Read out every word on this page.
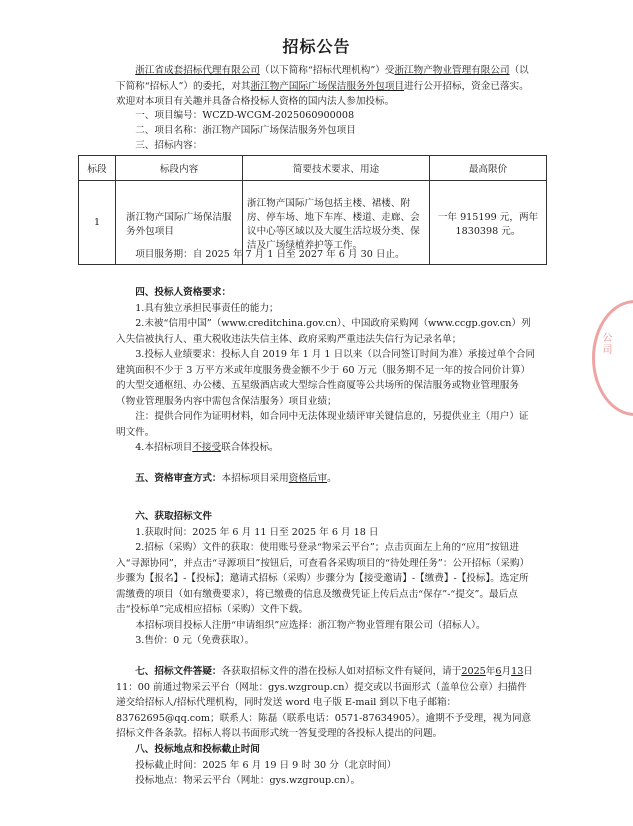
招标公告
浙江省成套招标代理有限公司（以下简称“招标代理机构”）受浙江物产物业管理有限公司（以下简称“招标人”）的委托，对其浙江物产国际广场保洁服务外包项目进行公开招标，资金已落实。欢迎对本项目有关趣并具备合格投标人资格的国内法人参加投标。
一、项目编号：WCZD-WCGM-2025060900008
二、项目名称：浙江物产国际广场保洁服务外包项目
三、招标内容：
标段	标段内容	简要技术要求、用途	最高限价
1	浙江物产国际广场保洁服务外包项目	浙江物产国际广场包括主楼、裙楼、附房、停车场、地下车库、楼道、走廊、会议中心等区域以及大厦生活垃圾分类、保洁及广场绿植养护等工作。	一年 915199 元，两年 1830398 元。
项目服务期：自 2025 年 7 月 1 日至 2027 年 6 月 30 日止。
四、投标人资格要求：
1.具有独立承担民事责任的能力；
2.未被“信用中国”（www.creditchina.gov.cn）、中国政府采购网（www.ccgp.gov.cn）列入失信被执行人、重大税收违法失信主体、政府采购严重违法失信行为记录名单；
3.投标人业绩要求：投标人自 2019 年 1 月 1 日以来（以合同签订时间为准）承接过单个合同建筑面积不少于 3 万平方米或年度服务费金额不少于 60 万元（服务期不足一年的按合同价计算）的大型交通枢纽、办公楼、五星级酒店或大型综合性商厦等公共场所的保洁服务或物业管理服务（物业管理服务内容中需包含保洁服务）项目业绩；
注：提供合同作为证明材料，如合同中无法体现业绩评审关键信息的，另提供业主（用户）证明文件。
4.本招标项目不接受联合体投标。
五、资格审查方式：本招标项目采用资格后审。
六、获取招标文件
1.获取时间：2025 年 6 月 11 日至 2025 年 6 月 18 日
2.招标（采购）文件的获取：使用账号登录“物采云平台”；点击页面左上角的“应用”按钮进入“寻源协同”，并点击“寻源项目”按钮后，可查看各采购项目的“待处理任务”：公开招标（采购）步骤为【报名】-【投标】；邀请式招标（采购）步骤分为【接受邀请】-【缴费】-【投标】。选定所需缴费的项目（如有缴费要求），将已缴费的信息及缴费凭证上传后点击“保存”-“提交”。最后点击“投标单”完成相应招标（采购）文件下载。
本招标项目投标人注册“申请组织”应选择：浙江物产物业管理有限公司（招标人）。
3.售价：0 元（免费获取）。
七、招标文件答疑：各获取招标文件的潜在投标人如对招标文件有疑问，请于2025年6月13日 11：00 前通过物采云平台（网址：gys.wzgroup.cn）提交或以书面形式（盖单位公章）扫描件递交给招标人/招标代理机构，同时发送 word 电子版 E-mail 到以下电子邮箱：83762695@qq.com；联系人：陈磊（联系电话：0571-87634905）。逾期不予受理，视为同意招标文件各条款。招标人将以书面形式统一答复受理的各投标人提出的问题。
八、投标地点和投标截止时间
投标截止时间：2025 年 6 月 19 日 9 时 30 分（北京时间）
投标地点：物采云平台（网址：gys.wzgroup.cn）。
公司
